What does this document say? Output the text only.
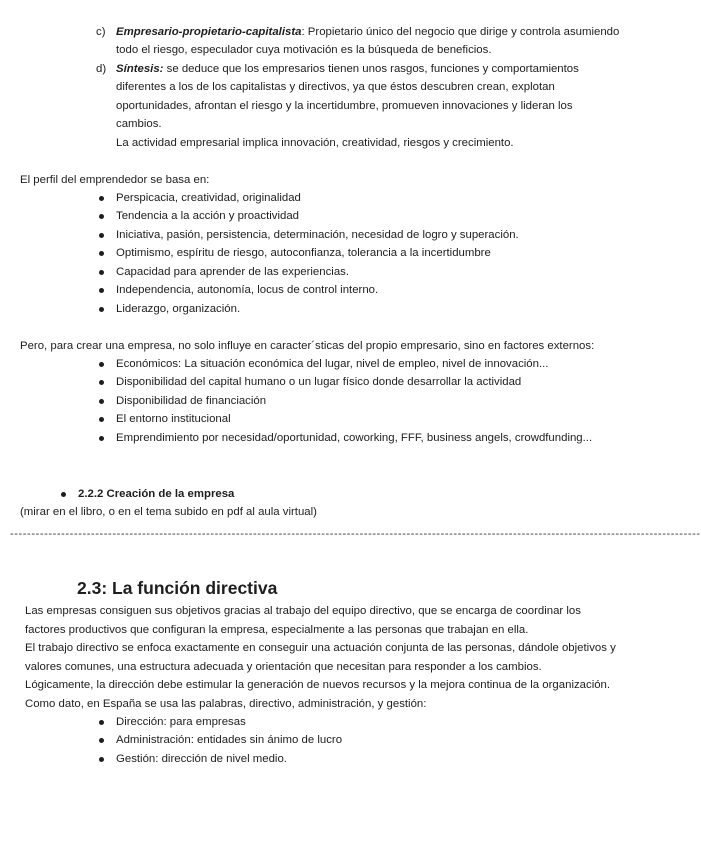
c) Empresario-propietario-capitalista: Propietario único del negocio que dirige y controla asumiendo
todo el riesgo, especulador cuya motivación es la búsqueda de beneficios.
d) Síntesis: se deduce que los empresarios tienen unos rasgos, funciones y comportamientos
diferentes a los de los capitalistas y directivos, ya que éstos descubren crean, explotan
oportunidades, afrontan el riesgo y la incertidumbre, promueven innovaciones y lideran los
cambios.
La actividad empresarial implica innovación, creatividad, riesgos y crecimiento.
El perfil del emprendedor se basa en:
Perspicacia, creatividad, originalidad
Tendencia a la acción y proactividad
Iniciativa, pasión, persistencia, determinación, necesidad de logro y superación.
Optimismo, espíritu de riesgo, autoconfianza, tolerancia a la incertidumbre
Capacidad para aprender de las experiencias.
Independencia, autonomía, locus de control interno.
Liderazgo, organización.
Pero, para crear una empresa, no solo influye en caracter´sticas del propio empresario, sino en factores externos:
Económicos: La situación económica del lugar, nivel de empleo, nivel de innovación...
Disponibilidad del capital humano o un lugar físico donde desarrollar la actividad
Disponibilidad de financiación
El entorno institucional
Emprendimiento por necesidad/oportunidad, coworking, FFF, business angels, crowdfunding...
2.2.2 Creación de la empresa
(mirar en el libro, o en el tema subido en pdf al aula virtual)
------------------------------------------------------------------------------------------------------------------------------------------------------------------
2.3: La función directiva
Las empresas consiguen sus objetivos gracias al trabajo del equipo directivo, que se encarga de coordinar los
factores productivos que configuran la empresa, especialmente a las personas que trabajan en ella.
El trabajo directivo se enfoca exactamente en conseguir una actuación conjunta de las personas, dándole objetivos y
valores comunes, una estructura adecuada y orientación que necesitan para responder a los cambios.
Lógicamente, la dirección debe estimular la generación de nuevos recursos y la mejora continua de la organización.
Como dato, en España se usa las palabras, directivo, administración, y gestión:
Dirección: para empresas
Administración: entidades sin ánimo de lucro
Gestión: dirección de nivel medio.
